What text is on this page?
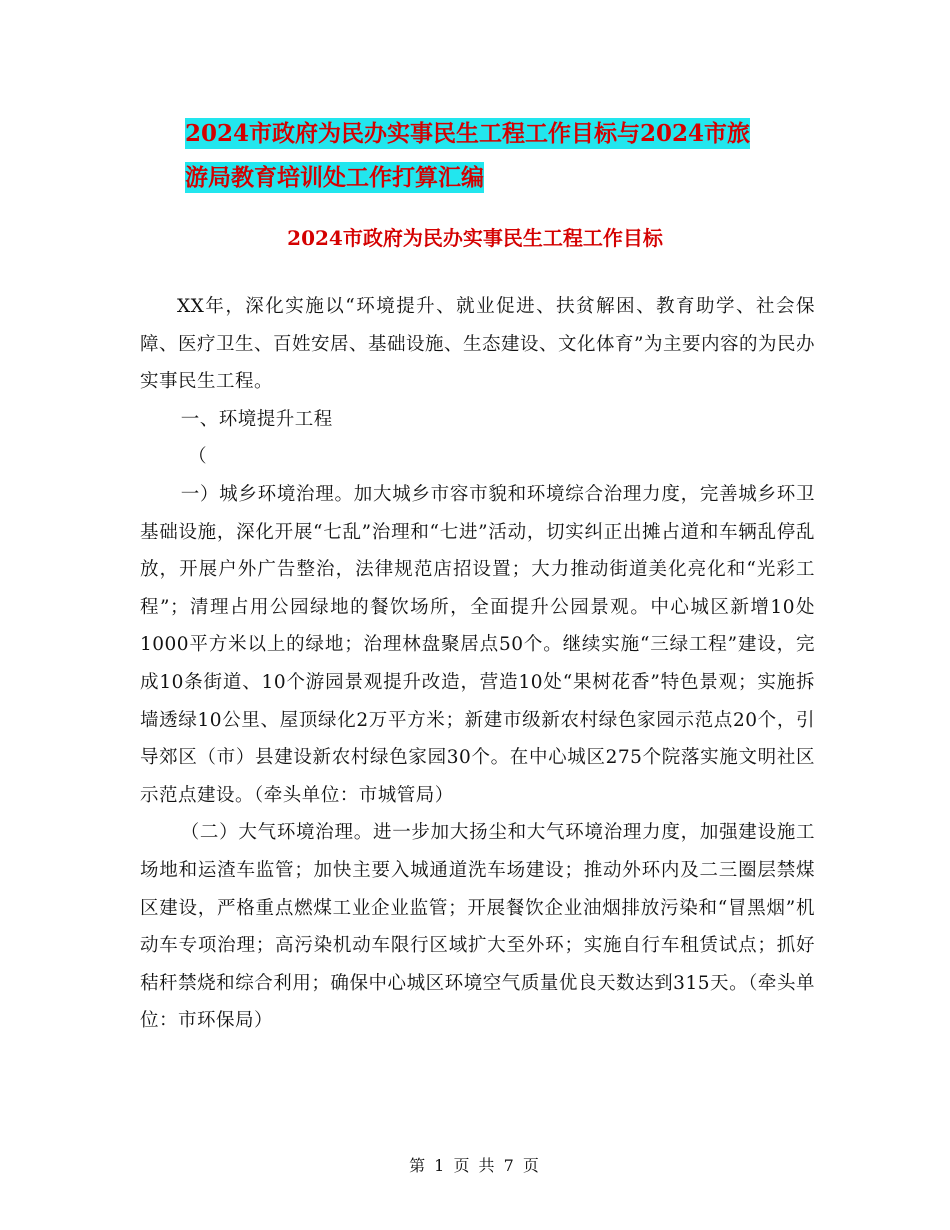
2024市政府为民办实事民生工程工作目标与2024市旅
游局教育培训处工作打算汇编
2024市政府为民办实事民生工程工作目标

XX年，深化实施以“环境提升、就业促进、扶贫解困、教育助学、社会保障、医疗卫生、百姓安居、基础设施、生态建设、文化体育”为主要内容的为民办实事民生工程。

一、环境提升工程

（

一）城乡环境治理。加大城乡市容市貌和环境综合治理力度，完善城乡环卫基础设施，深化开展“七乱”治理和“七进”活动，切实纠正出摊占道和车辆乱停乱放，开展户外广告整治，法律规范店招设置；大力推动街道美化亮化和“光彩工程”；清理占用公园绿地的餐饮场所，全面提升公园景观。中心城区新增10处1000平方米以上的绿地；治理林盘聚居点50个。继续实施“三绿工程”建设，完成10条街道、10个游园景观提升改造，营造10处“果树花香”特色景观；实施拆墙透绿10公里、屋顶绿化2万平方米；新建市级新农村绿色家园示范点20个，引导郊区（市）县建设新农村绿色家园30个。在中心城区275个院落实施文明社区示范点建设。（牵头单位：市城管局）

（二）大气环境治理。进一步加大扬尘和大气环境治理力度，加强建设施工场地和运渣车监管；加快主要入城通道洗车场建设；推动外环内及二三圈层禁煤区建设，严格重点燃煤工业企业监管；开展餐饮企业油烟排放污染和“冒黑烟”机动车专项治理；高污染机动车限行区域扩大至外环；实施自行车租赁试点；抓好秸秆禁烧和综合利用；确保中心城区环境空气质量优良天数达到315天。（牵头单位：市环保局）

第 1 页 共 7 页
